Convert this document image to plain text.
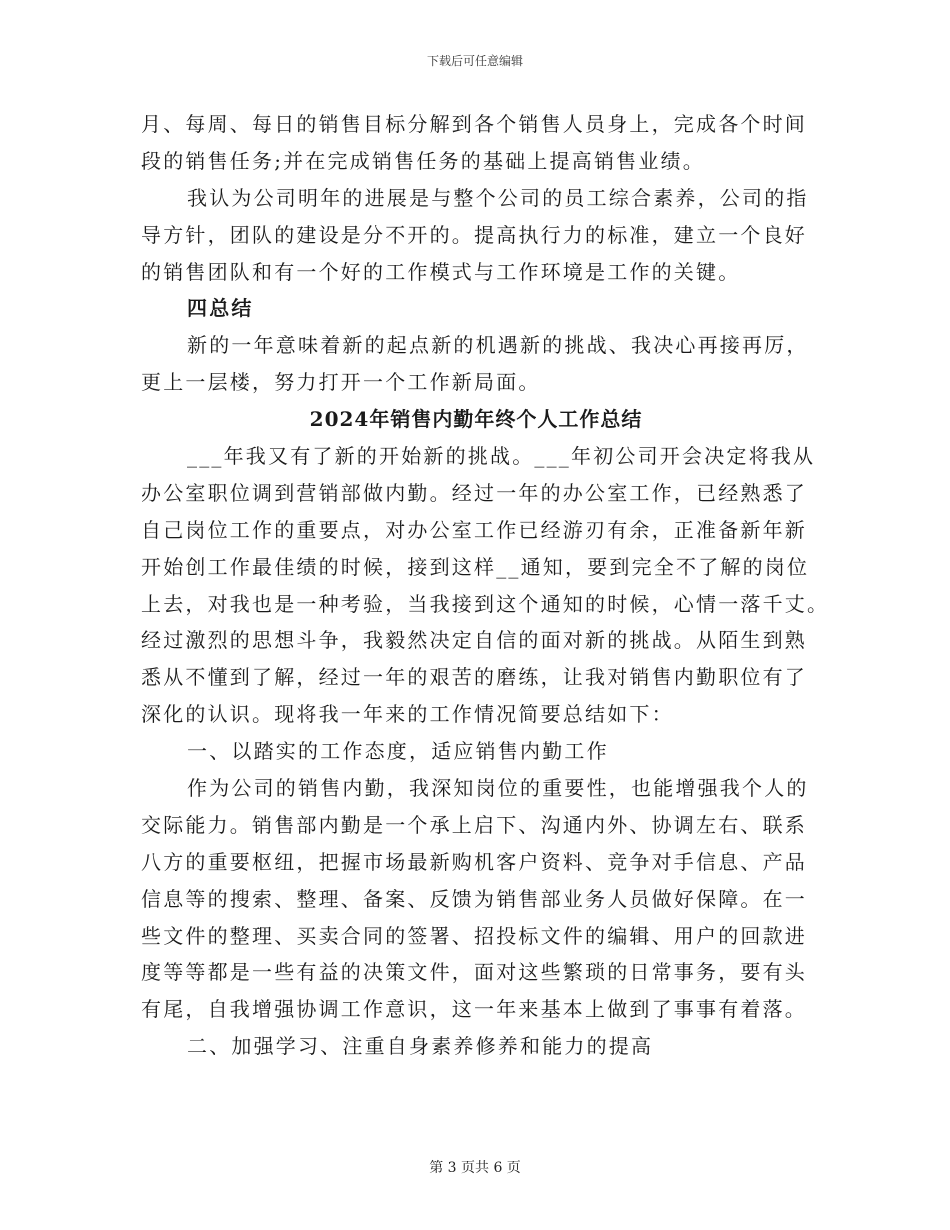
下载后可任意编辑
月、每周、每日的销售目标分解到各个销售人员身上，完成各个时间
段的销售任务;并在完成销售任务的基础上提高销售业绩。
我认为公司明年的进展是与整个公司的员工综合素养，公司的指
导方针，团队的建设是分不开的。提高执行力的标准，建立一个良好
的销售团队和有一个好的工作模式与工作环境是工作的关键。
四总结
新的一年意味着新的起点新的机遇新的挑战、我决心再接再厉，
更上一层楼，努力打开一个工作新局面。
2024年销售内勤年终个人工作总结
___年我又有了新的开始新的挑战。___年初公司开会决定将我从
办公室职位调到营销部做内勤。经过一年的办公室工作，已经熟悉了
自己岗位工作的重要点，对办公室工作已经游刃有余，正准备新年新
开始创工作最佳绩的时候，接到这样__通知，要到完全不了解的岗位
上去，对我也是一种考验，当我接到这个通知的时候，心情一落千丈。
经过激烈的思想斗争，我毅然决定自信的面对新的挑战。从陌生到熟
悉从不懂到了解，经过一年的艰苦的磨练，让我对销售内勤职位有了
深化的认识。现将我一年来的工作情况简要总结如下：
一、以踏实的工作态度，适应销售内勤工作
作为公司的销售内勤，我深知岗位的重要性，也能增强我个人的
交际能力。销售部内勤是一个承上启下、沟通内外、协调左右、联系
八方的重要枢纽，把握市场最新购机客户资料、竞争对手信息、产品
信息等的搜索、整理、备案、反馈为销售部业务人员做好保障。在一
些文件的整理、买卖合同的签署、招投标文件的编辑、用户的回款进
度等等都是一些有益的决策文件，面对这些繁琐的日常事务，要有头
有尾，自我增强协调工作意识，这一年来基本上做到了事事有着落。
二、加强学习、注重自身素养修养和能力的提高
第 3 页共 6 页
